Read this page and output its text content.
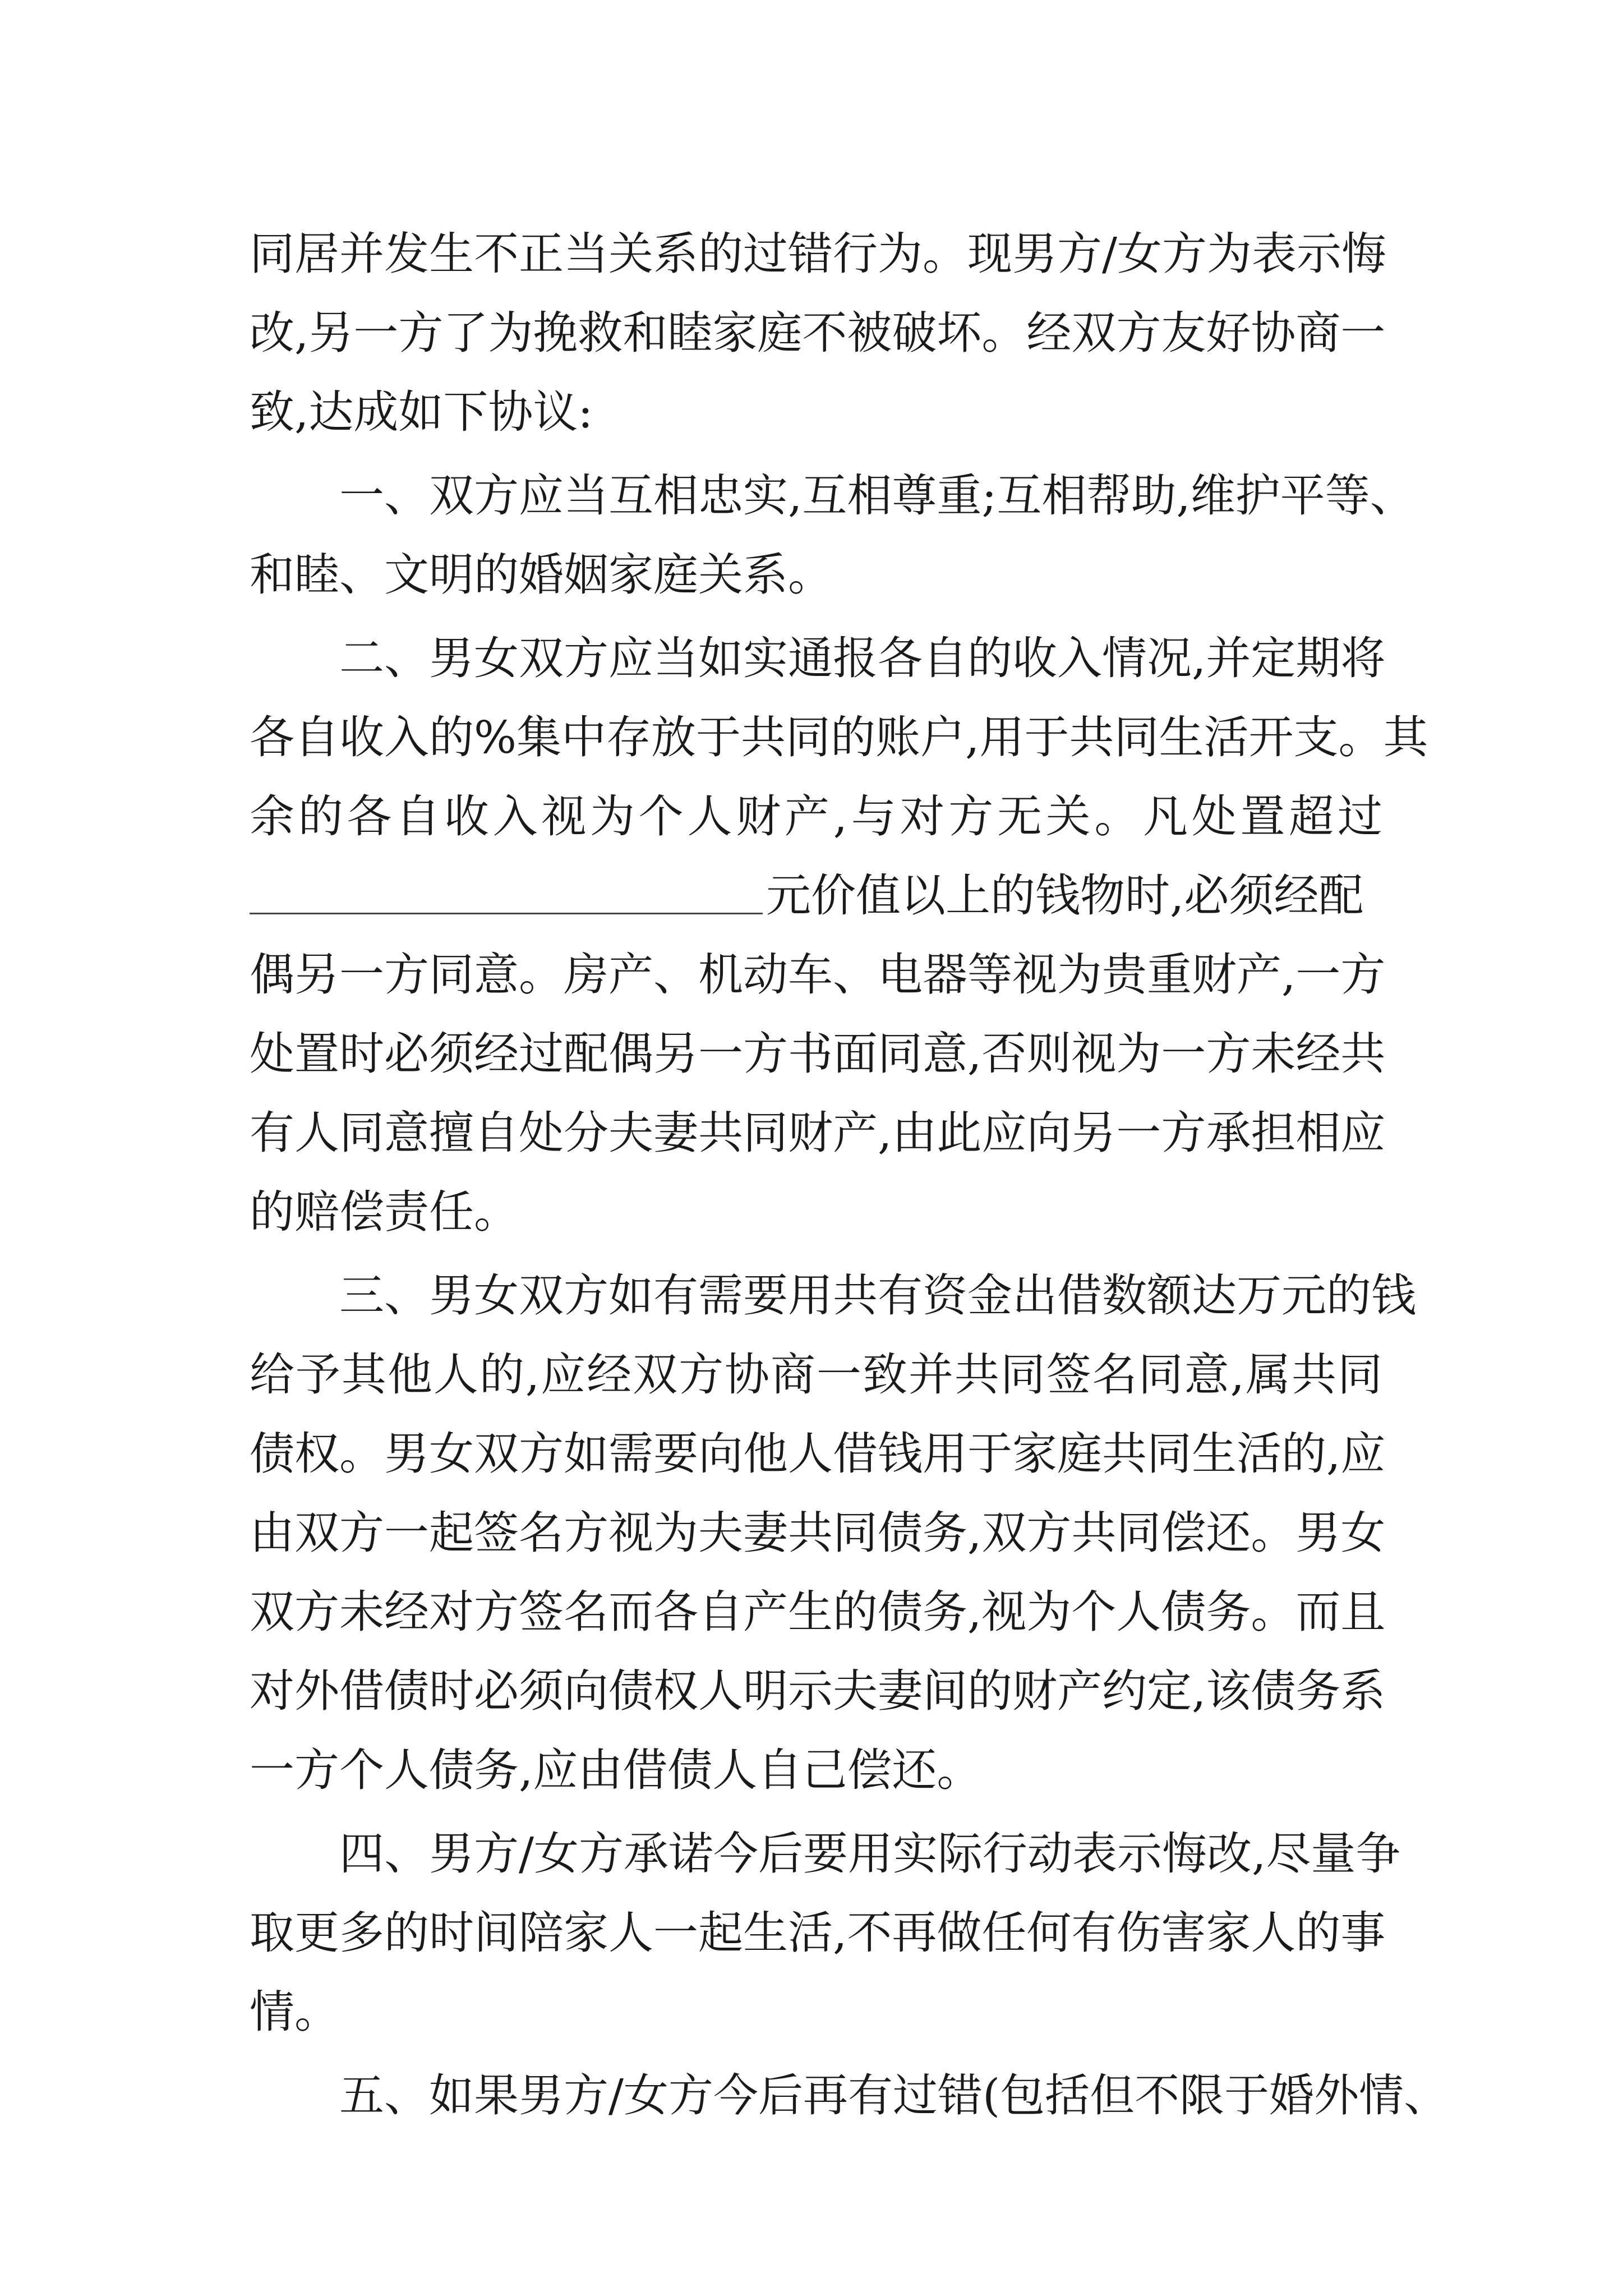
同居并发生不正当关系的过错行为。现男方/女方为表示悔
改,另一方了为挽救和睦家庭不被破坏。经双方友好协商一
致,达成如下协议:
一、双方应当互相忠实,互相尊重;互相帮助,维护平等、
和睦、文明的婚姻家庭关系。
二、男女双方应当如实通报各自的收入情况,并定期将
各自收入的%集中存放于共同的账户,用于共同生活开支。其
余的各自收入视为个人财产,与对方无关。凡处置超过
元价值以上的钱物时,必须经配
偶另一方同意。房产、机动车、电器等视为贵重财产,一方
处置时必须经过配偶另一方书面同意,否则视为一方未经共
有人同意擅自处分夫妻共同财产,由此应向另一方承担相应
的赔偿责任。
三、男女双方如有需要用共有资金出借数额达万元的钱
给予其他人的,应经双方协商一致并共同签名同意,属共同
债权。男女双方如需要向他人借钱用于家庭共同生活的,应
由双方一起签名方视为夫妻共同债务,双方共同偿还。男女
双方未经对方签名而各自产生的债务,视为个人债务。而且
对外借债时必须向债权人明示夫妻间的财产约定,该债务系
一方个人债务,应由借债人自己偿还。
四、男方/女方承诺今后要用实际行动表示悔改,尽量争
取更多的时间陪家人一起生活,不再做任何有伤害家人的事
情。
五、如果男方/女方今后再有过错(包括但不限于婚外情、
